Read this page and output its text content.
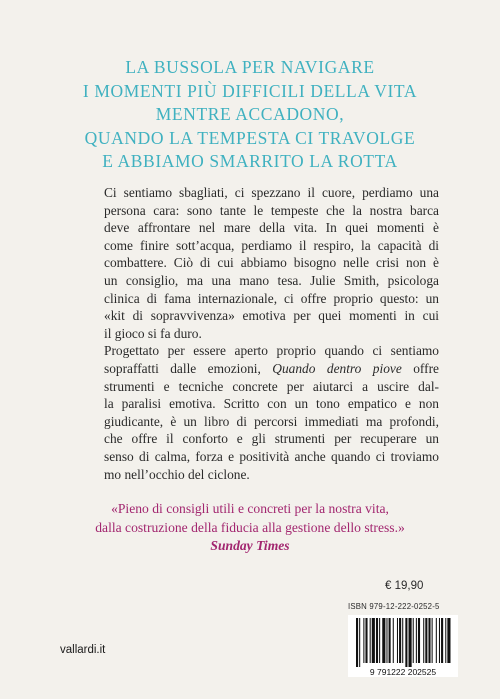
LA BUSSOLA PER NAVIGARE
I MOMENTI PIÙ DIFFICILI DELLA VITA
MENTRE ACCADONO,
QUANDO LA TEMPESTA CI TRAVOLGE
E ABBIAMO SMARRITO LA ROTTA
Ci sentiamo sbagliati, ci spezzano il cuore, perdiamo una
persona cara: sono tante le tempeste che la nostra barca
deve affrontare nel mare della vita. In quei momenti è
come finire sott’acqua, perdiamo il respiro, la capacità di
combattere. Ciò di cui abbiamo bisogno nelle crisi non è
un consiglio, ma una mano tesa. Julie Smith, psicologa
clinica di fama internazionale, ci offre proprio questo: un
«kit di sopravvivenza» emotiva per quei momenti in cui
il gioco si fa duro.
Progettato per essere aperto proprio quando ci sentiamo
sopraffatti dalle emozioni, Quando dentro piove offre
strumenti e tecniche concrete per aiutarci a uscire dal-
la paralisi emotiva. Scritto con un tono empatico e non
giudicante, è un libro di percorsi immediati ma profondi,
che offre il conforto e gli strumenti per recuperare un
senso di calma, forza e positività anche quando ci troviamo
mo nell’occhio del ciclone.
«Pieno di consigli utili e concreti per la nostra vita,
dalla costruzione della fiducia alla gestione dello stress.»
Sunday Times
€ 19,90
ISBN 979-12-222-0252-5
9 791222 202525
vallardi.it
